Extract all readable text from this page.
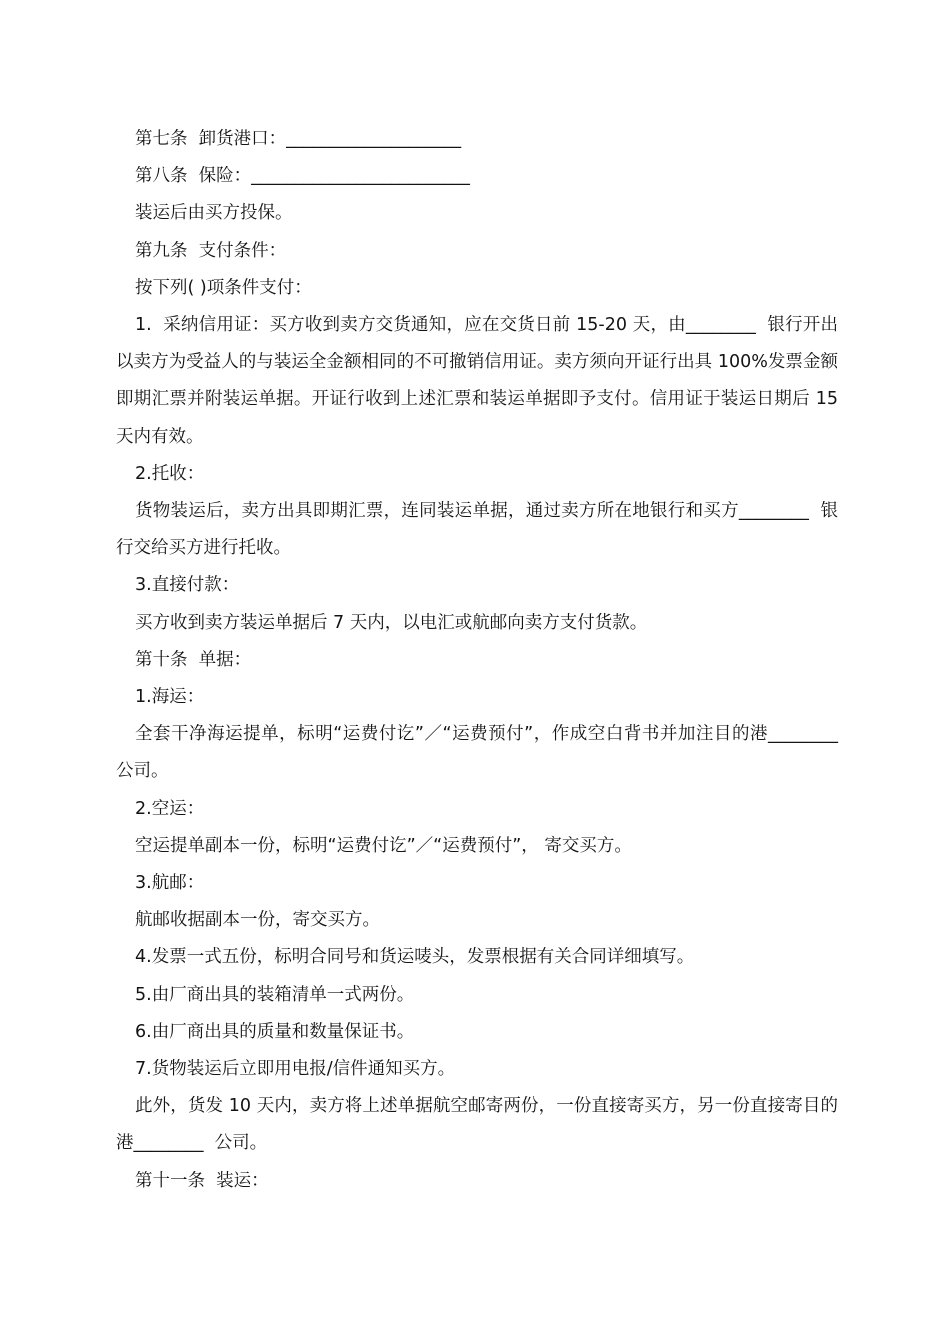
第七条  卸货港口：____________________

第八条  保险：_________________________

装运后由买方投保。

第九条  支付条件：

按下列( )项条件支付：

1.  采纳信用证：买方收到卖方交货通知，应在交货日前 15-20 天，由________  银行开出以卖方为受益人的与装运全金额相同的不可撤销信用证。卖方须向开证行出具 100%发票金额即期汇票并附装运单据。开证行收到上述汇票和装运单据即予支付。信用证于装运日期后 15 天内有效。

2.托收：

货物装运后，卖方出具即期汇票，连同装运单据，通过卖方所在地银行和买方________  银行交给买方进行托收。

3.直接付款：

买方收到卖方装运单据后 7 天内，以电汇或航邮向卖方支付货款。

第十条  单据：

1.海运：

全套干净海运提单，标明“运费付讫”／“运费预付”，作成空白背书并加注目的港________  公司。

2.空运：

空运提单副本一份，标明“运费付讫”／“运费预付”， 寄交买方。

3.航邮：

航邮收据副本一份，寄交买方。

4.发票一式五份，标明合同号和货运唛头，发票根据有关合同详细填写。

5.由厂商出具的装箱清单一式两份。

6.由厂商出具的质量和数量保证书。

7.货物装运后立即用电报/信件通知买方。

此外，货发 10 天内，卖方将上述单据航空邮寄两份，一份直接寄买方，另一份直接寄目的港________  公司。

第十一条  装运：
